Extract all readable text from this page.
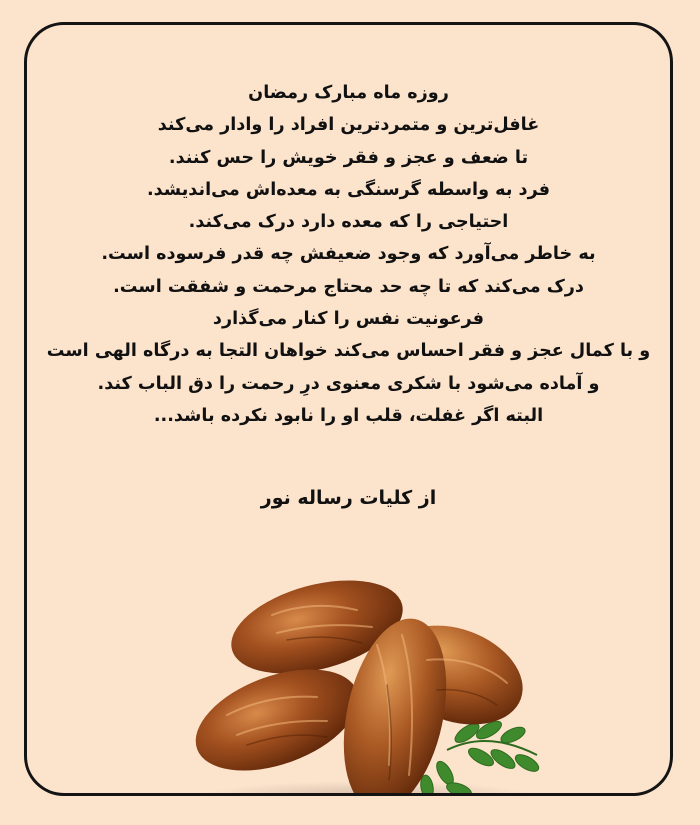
روزه ماه مبارک رمضان
غافل‌ترین و متمردترین افراد را وادار می‌کند
تا ضعف و عجز و فقر خویش را حس کنند.
فرد به واسطه گرسنگی به معده‌اش می‌اندیشد.
احتیاجی را که معده دارد درک می‌کند.
به خاطر می‌آورد که وجود ضعیفش چه قدر فرسوده است.
درک می‌کند که تا چه حد محتاج مرحمت و شفقت است.
فرعونیت نفس را کنار می‌گذارد
و با کمال عجز و فقر احساس می‌کند خواهان التجا به درگاه الهی است
و آماده می‌شود با شکری معنوی درِ رحمت را دق الباب کند.
البته اگر غفلت، قلب او را نابود نکرده باشد...
از کلیات رساله نور
